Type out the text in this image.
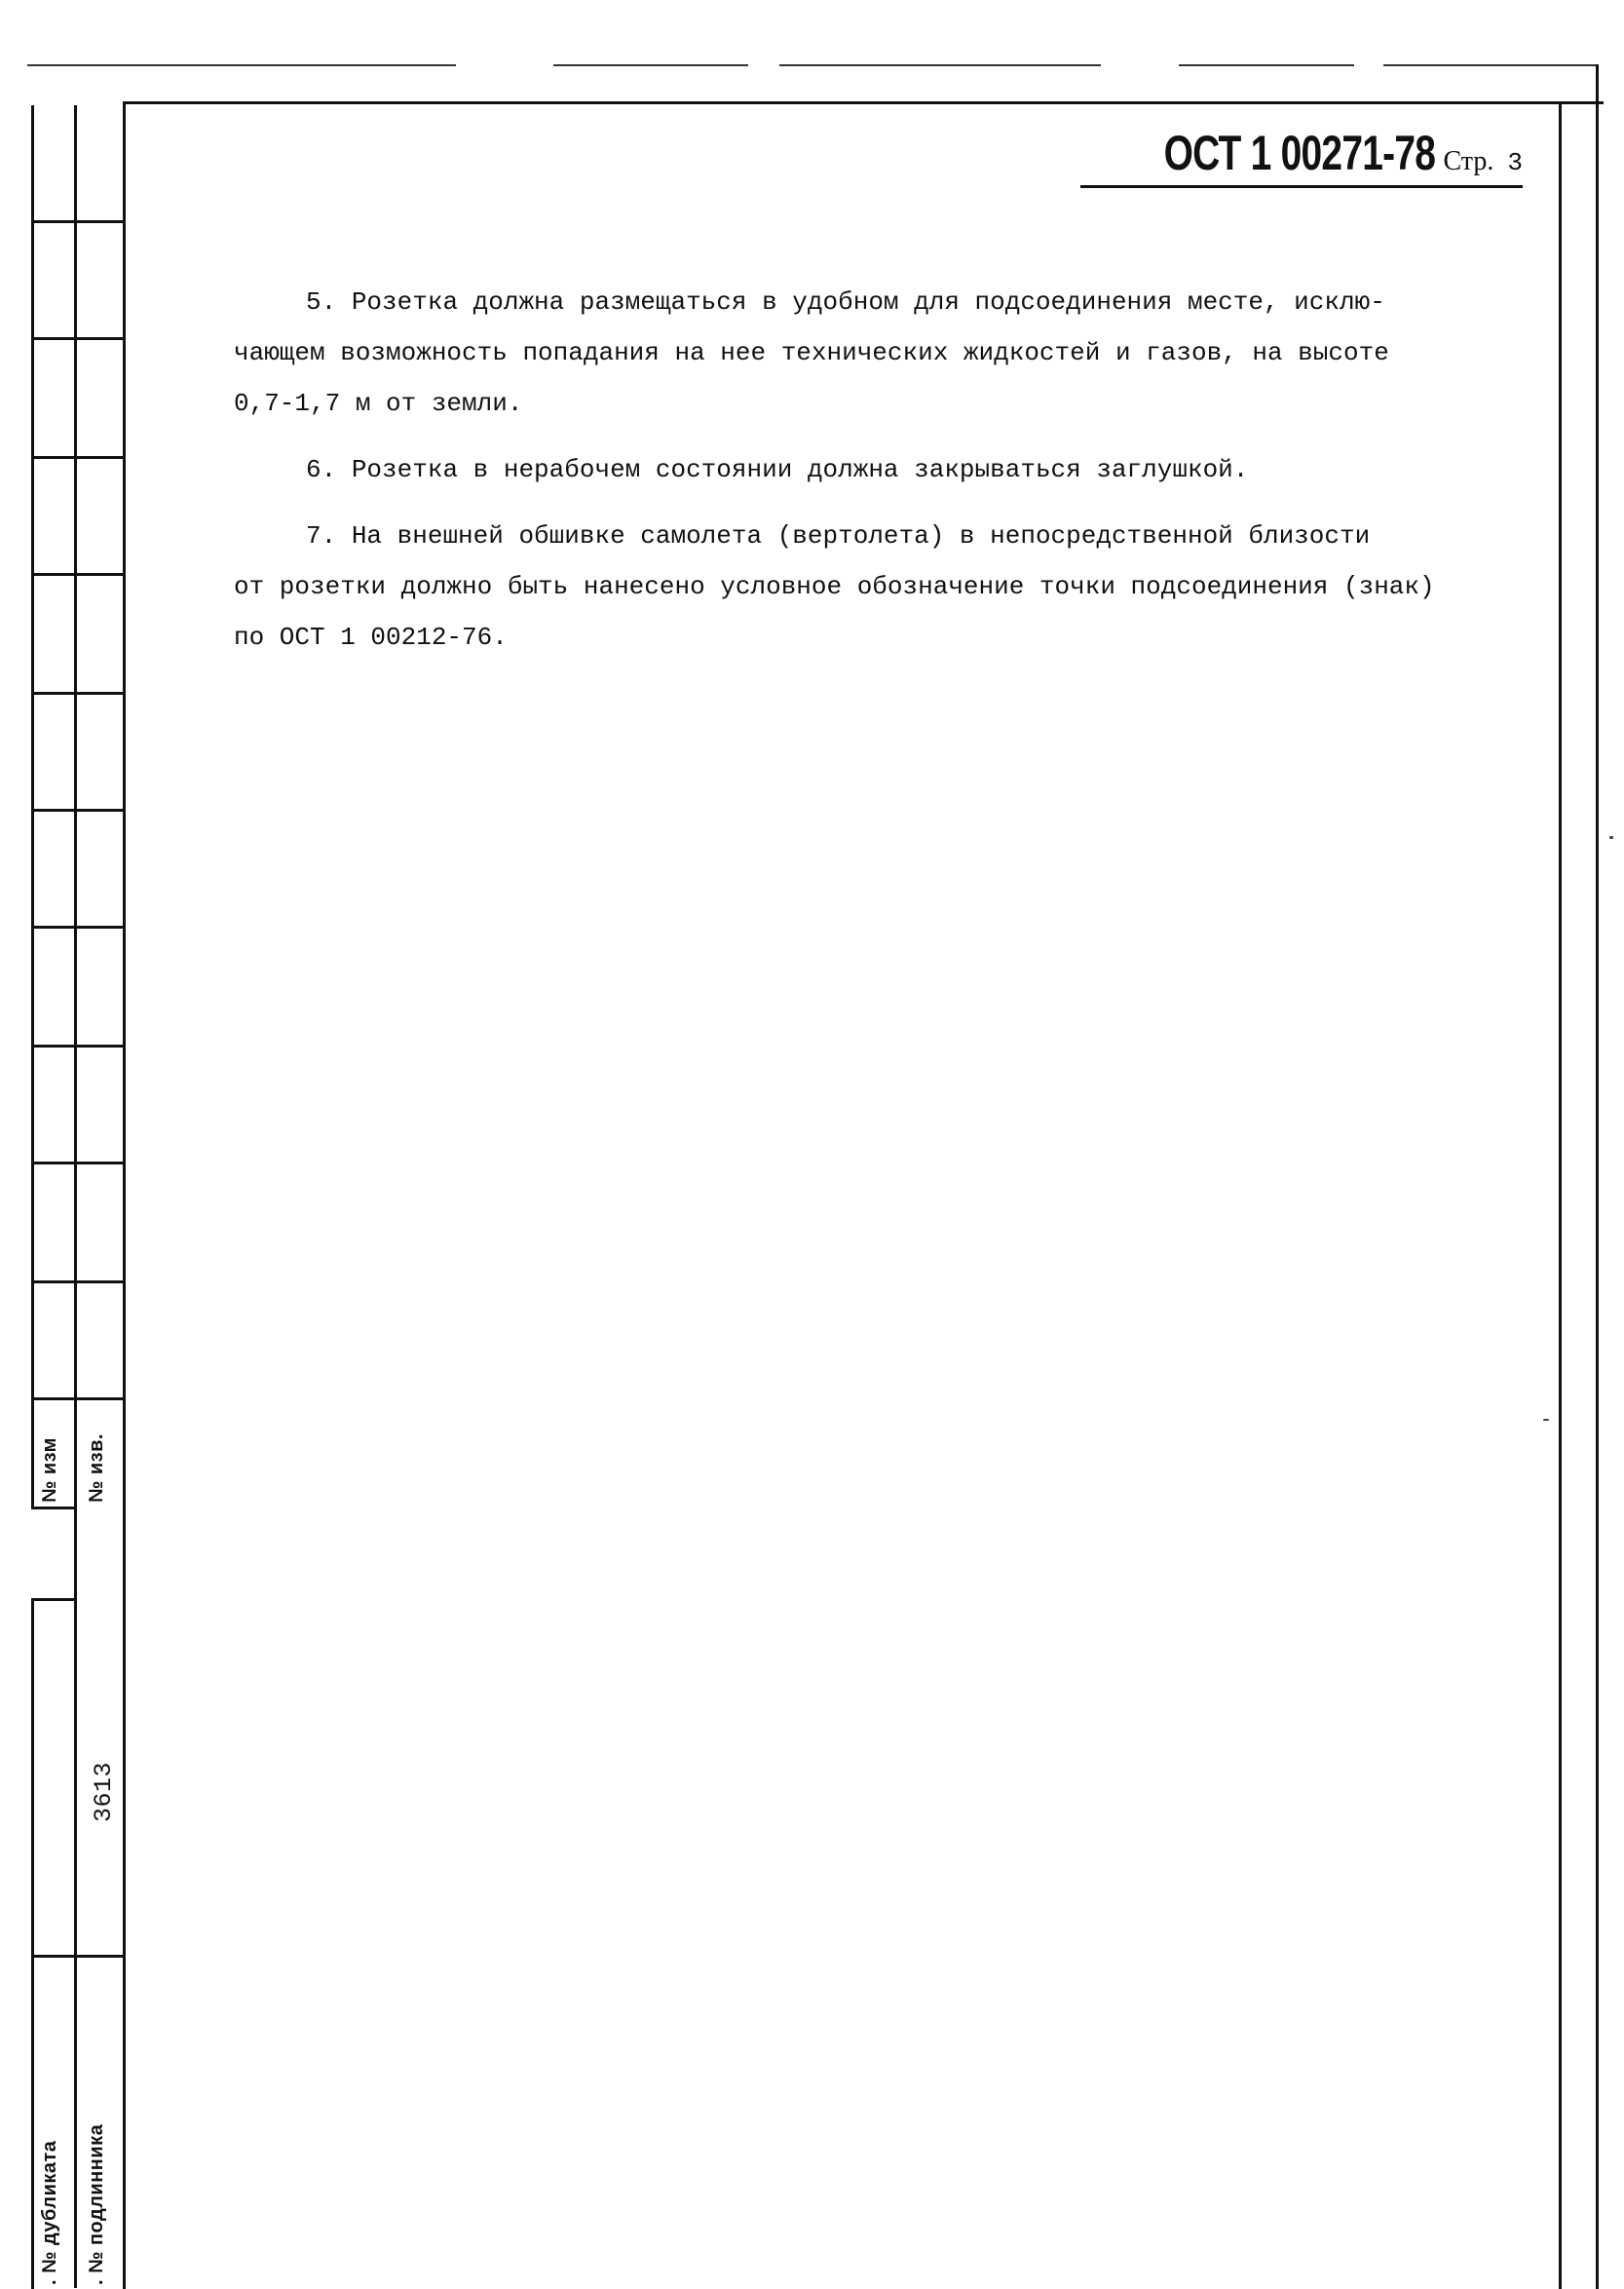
№ изм № изв.
3613
. № дубликата . № подлинника
ОСТ 1 00271-78 Стр. 3

5. Розетка должна размещаться в удобном для подсоединения месте, исклю-
чающем возможность попадания на нее технических жидкостей и газов, на высоте
0,7-1,7 м от земли.

6. Розетка в нерабочем состоянии должна закрываться заглушкой.

7. На внешней обшивке самолета (вертолета) в непосредственной близости
от розетки должно быть нанесено условное обозначение точки подсоединения (знак)
по ОСТ 1 00212-76.
